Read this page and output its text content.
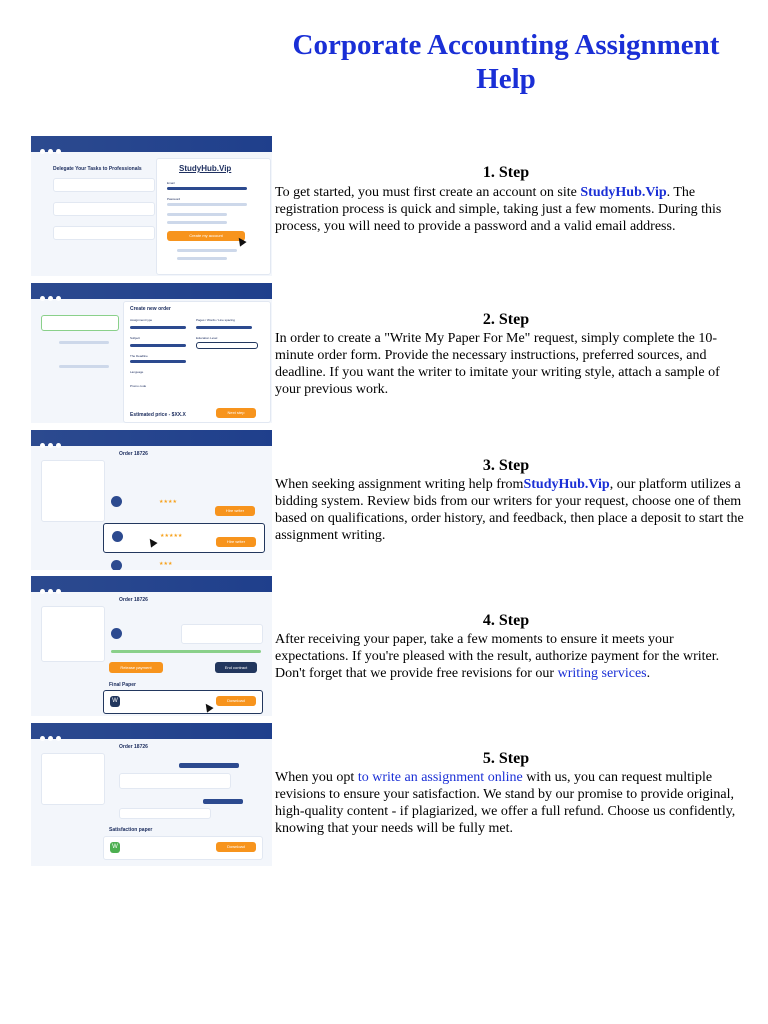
Corporate Accounting Assignment Help
Delegate Your Tasks to Professionals	StudyHub.Vip
Email
Password
Create my account
1. Step
To get started, you must first create an account on site StudyHub.Vip. The registration process is quick and simple, taking just a few moments. During this process, you will need to provide a password and a valid email address.
Create new order
Assignment type	Pages / Words / Line spacing
Subject	Education Level
The Deadline
Language
Promo code
Estimated price - $XX.X	Next step
2. Step
In order to create a "Write My Paper For Me" request, simply complete the 10-minute order form. Provide the necessary instructions, preferred sources, and deadline. If you want the writer to imitate your writing style, attach a sample of your previous work.
Order 18726
★★★★
Hire writer
★★★★★
Hire writer
★★★
3. Step
When seeking assignment writing help fromStudyHub.Vip, our platform utilizes a bidding system. Review bids from our writers for your request, choose one of them based on qualifications, order history, and feedback, then place a deposit to start the assignment writing.
Order 18726
Release payment	End contract
Final Paper
W	Download
4. Step
After receiving your paper, take a few moments to ensure it meets your expectations. If you're pleased with the result, authorize payment for the writer. Don't forget that we provide free revisions for our writing services.
Order 18726
Satisfaction paper
W	Download
5. Step
When you opt to write an assignment online with us, you can request multiple revisions to ensure your satisfaction. We stand by our promise to provide original, high-quality content - if plagiarized, we offer a full refund. Choose us confidently, knowing that your needs will be fully met.
